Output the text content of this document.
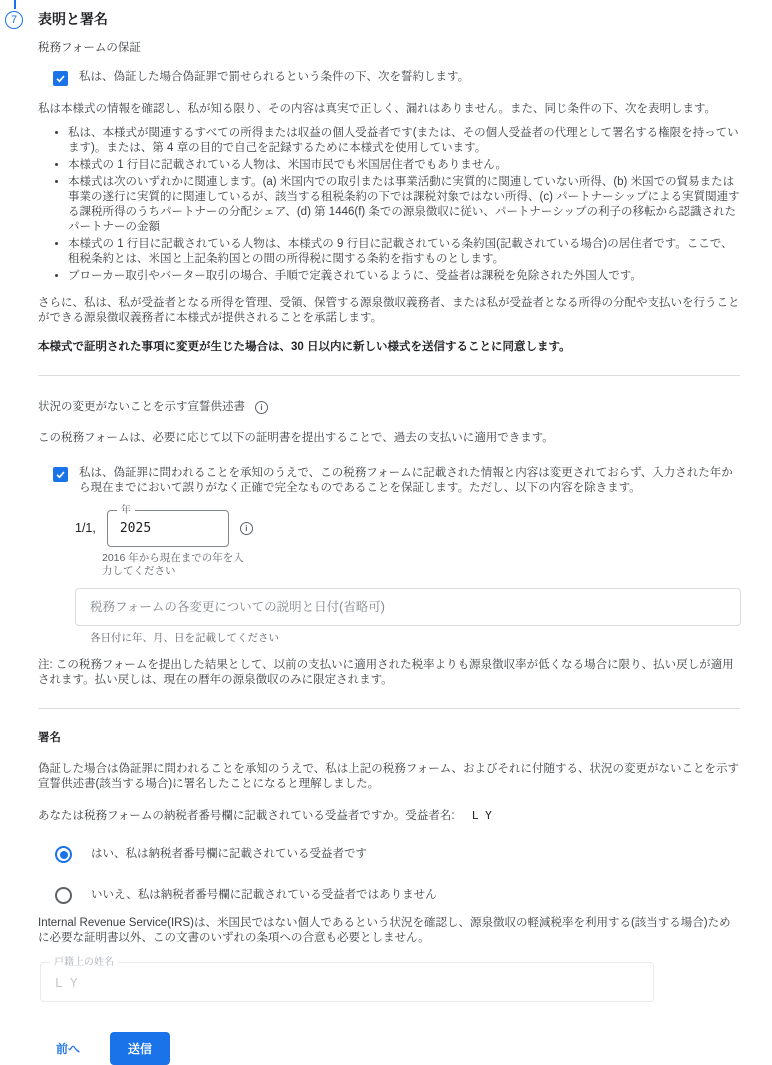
7 表明と署名
税務フォームの保証
私は、偽証した場合偽証罪で罰せられるという条件の下、次を誓約します。

私は本様式の情報を確認し、私が知る限り、その内容は真実で正しく、漏れはありません。また、同じ条件の下、次を表明します。

• 私は、本様式が関連するすべての所得または収益の個人受益者です(または、その個人受益者の代理として署名する権限を持っています)。または、第 4 章の目的で自己を記録するために本様式を使用しています。
• 本様式の 1 行目に記載されている人物は、米国市民でも米国居住者でもありません。
• 本様式は次のいずれかに関連します。(a) 米国内での取引または事業活動に実質的に関連していない所得、(b) 米国での貿易または事業の遂行に実質的に関連しているが、該当する租税条約の下では課税対象ではない所得、(c) パートナーシップによる実質関連する課税所得のうちパートナーの分配シェア、(d) 第 1446(f) 条での源泉徴収に従い、パートナーシップの利子の移転から認識されたパートナーの金額
• 本様式の 1 行目に記載されている人物は、本様式の 9 行目に記載されている条約国(記載されている場合)の居住者です。ここで、租税条約とは、米国と上記条約国との間の所得税に関する条約を指すものとします。
• ブローカー取引やバーター取引の場合、手順で定義されているように、受益者は課税を免除された外国人です。

さらに、私は、私が受益者となる所得を管理、受領、保管する源泉徴収義務者、または私が受益者となる所得の分配や支払いを行うことができる源泉徴収義務者に本様式が提供されることを承諾します。

本様式で証明された事項に変更が生じた場合は、30 日以内に新しい様式を送信することに同意します。

状況の変更がないことを示す宣誓供述書	i

この税務フォームは、必要に応じて以下の証明書を提出することで、過去の支払いに適用できます。

私は、偽証罪に問われることを承知のうえで、この税務フォームに記載された情報と内容は変更されておらず、入力された年から現在までにおいて誤りがなく正確で完全なものであることを保証します。ただし、以下の内容を除きます。
1/1,
年
2025
i
2016 年から現在までの年を入力してください
税務フォームの各変更についての説明と日付(省略可)
各日付に年、月、日を記載してください

注: この税務フォームを提出した結果として、以前の支払いに適用された税率よりも源泉徴収率が低くなる場合に限り、払い戻しが適用されます。払い戻しは、現在の暦年の源泉徴収のみに限定されます。

署名

偽証した場合は偽証罪に問われることを承知のうえで、私は上記の税務フォーム、およびそれに付随する、状況の変更がないことを示す宣誓供述書(該当する場合)に署名したことになると理解しました。

あなたは税務フォームの納税者番号欄に記載されている受益者ですか。受益者名: L Y

はい、私は納税者番号欄に記載されている受益者です
いいえ、私は納税者番号欄に記載されている受益者ではありません

Internal Revenue Service(IRS)は、米国民ではない個人であるという状況を確認し、源泉徴収の軽減税率を利用する(該当する場合)ために必要な証明書以外、この文書のいずれの条項への合意も必要としません。

戸籍上の姓名
L Y
前へ	送信
